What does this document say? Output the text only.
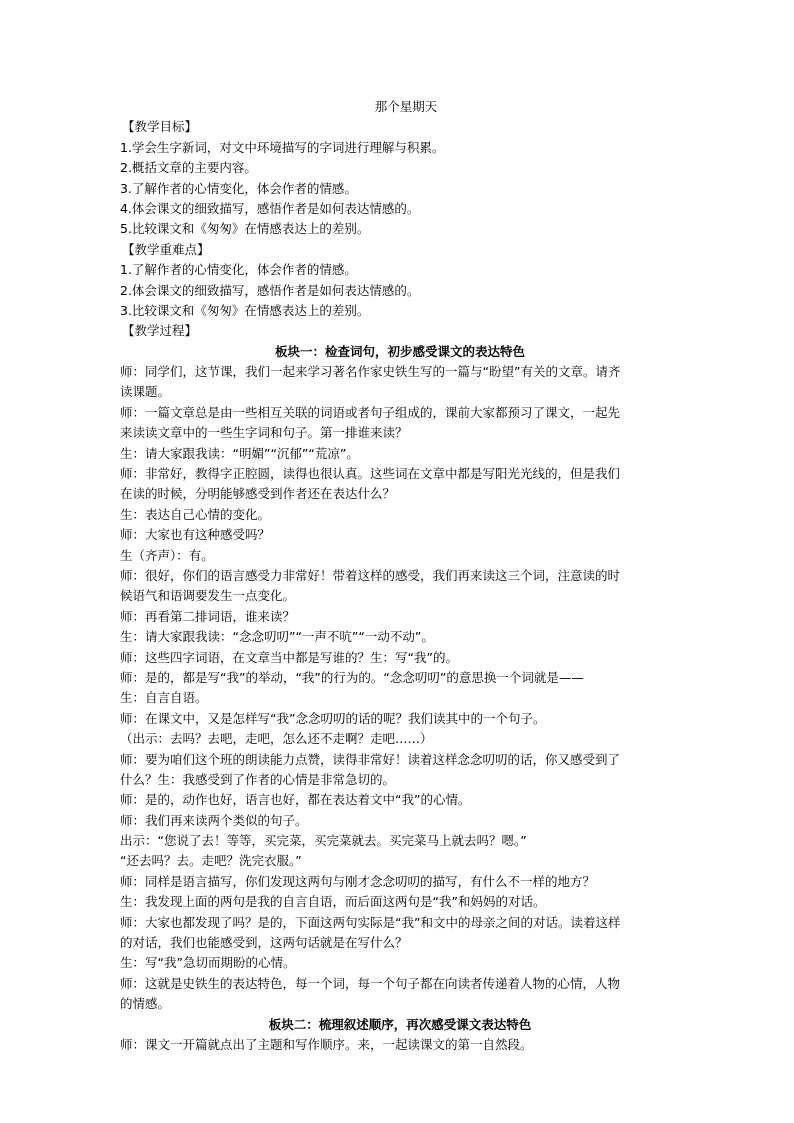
那个星期天
【教学目标】
1.学会生字新词，对文中环境描写的字词进行理解与积累。
2.概括文章的主要内容。
3.了解作者的心情变化，体会作者的情感。
4.体会课文的细致描写，感悟作者是如何表达情感的。
5.比较课文和《匆匆》在情感表达上的差别。
【教学重难点】
1.了解作者的心情变化，体会作者的情感。
2.体会课文的细致描写，感悟作者是如何表达情感的。
3.比较课文和《匆匆》在情感表达上的差别。
【教学过程】
板块一：检查词句，初步感受课文的表达特色
师：同学们，这节课，我们一起来学习著名作家史铁生写的一篇与“盼望”有关的文章。请齐
读课题。
师：一篇文章总是由一些相互关联的词语或者句子组成的，课前大家都预习了课文，一起先
来读读文章中的一些生字词和句子。第一排谁来读？
生：请大家跟我读：“明媚”“沉郁”“荒凉”。
师：非常好，教得字正腔圆，读得也很认真。这些词在文章中都是写阳光光线的，但是我们
在读的时候，分明能够感受到作者还在表达什么？
生：表达自己心情的变化。
师：大家也有这种感受吗？
生（齐声）：有。
师：很好，你们的语言感受力非常好！带着这样的感受，我们再来读这三个词，注意读的时
候语气和语调要发生一点变化。
师：再看第二排词语，谁来读？
生：请大家跟我读：“念念叨叨”“一声不吭”“一动不动”。
师：这些四字词语，在文章当中都是写谁的？生：写“我”的。
师：是的，都是写“我”的举动，“我”的行为的。“念念叨叨”的意思换一个词就是——
生：自言自语。
师：在课文中，又是怎样写“我”念念叨叨的话的呢？我们读其中的一个句子。
（出示：去吗？去吧，走吧，怎么还不走啊？走吧……）
师：要为咱们这个班的朗读能力点赞，读得非常好！读着这样念念叨叨的话，你又感受到了
什么？生：我感受到了作者的心情是非常急切的。
师：是的，动作也好，语言也好，都在表达着文中“我”的心情。
师：我们再来读两个类似的句子。
出示：“您说了去！等等，买完菜，买完菜就去。买完菜马上就去吗？嗯。”
“还去吗？去。走吧？洗完衣服。”
师：同样是语言描写，你们发现这两句与刚才念念叨叨的描写，有什么不一样的地方？
生：我发现上面的两句是我的自言自语，而后面这两句是“我”和妈妈的对话。
师：大家也都发现了吗？是的，下面这两句实际是“我”和文中的母亲之间的对话。读着这样
的对话，我们也能感受到，这两句话就是在写什么？
生：写“我”急切而期盼的心情。
师：这就是史铁生的表达特色，每一个词，每一个句子都在向读者传递着人物的心情，人物
的情感。
板块二：梳理叙述顺序，再次感受课文表达特色
师：课文一开篇就点出了主题和写作顺序。来，一起读课文的第一自然段。
